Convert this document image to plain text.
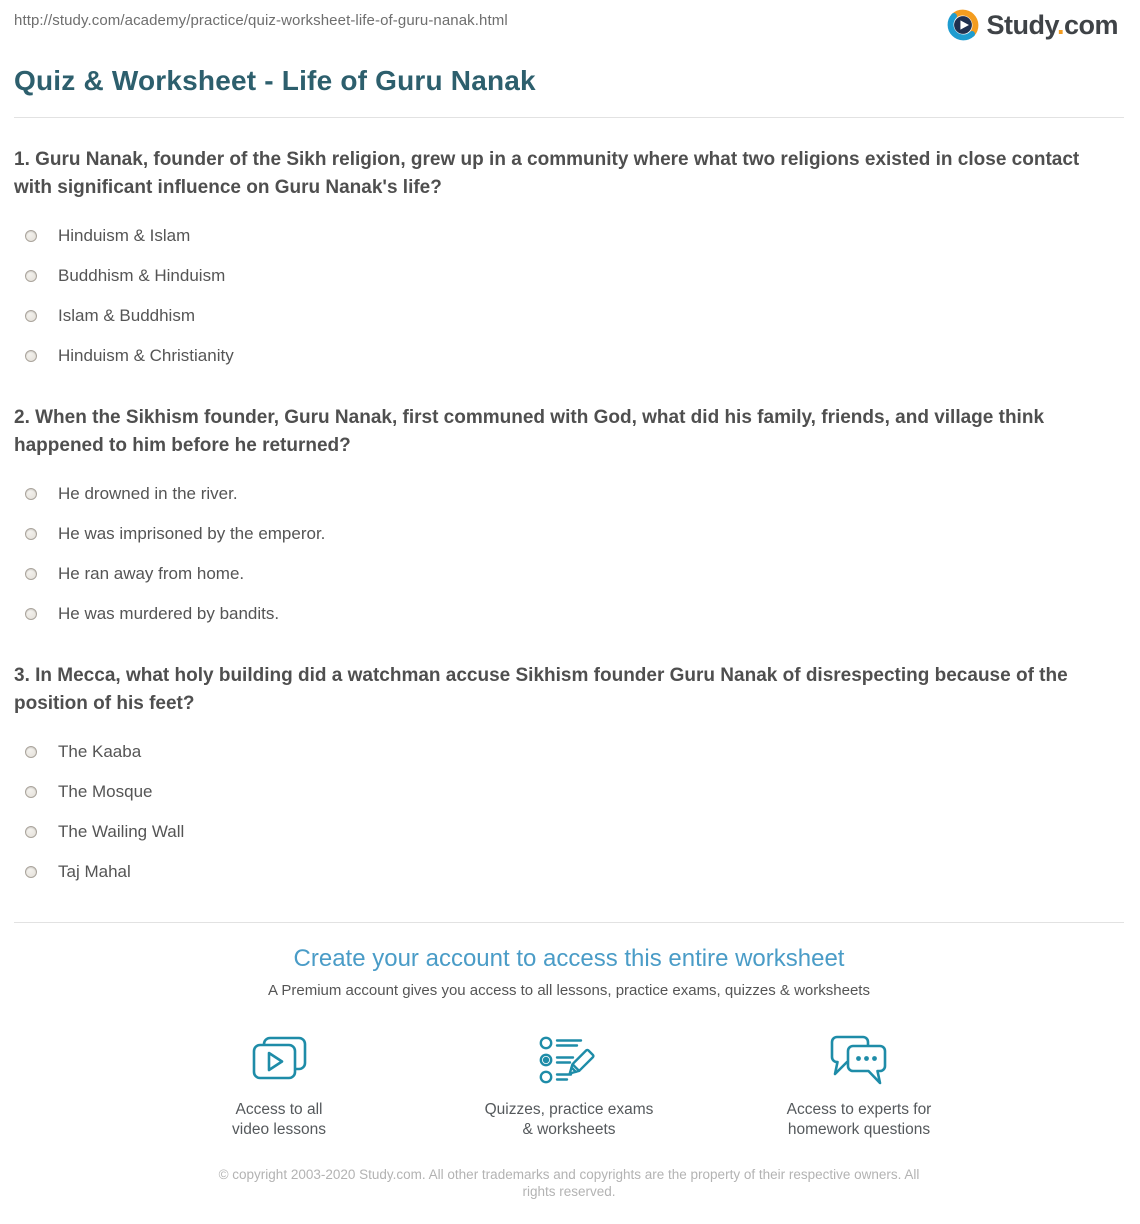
http://study.com/academy/practice/quiz-worksheet-life-of-guru-nanak.html	Study.com
Quiz & Worksheet - Life of Guru Nanak
1. Guru Nanak, founder of the Sikh religion, grew up in a community where what two religions existed in close contact with significant influence on Guru Nanak's life?
Hinduism & Islam
Buddhism & Hinduism
Islam & Buddhism
Hinduism & Christianity
2. When the Sikhism founder, Guru Nanak, first communed with God, what did his family, friends, and village think happened to him before he returned?
He drowned in the river.
He was imprisoned by the emperor.
He ran away from home.
He was murdered by bandits.
3. In Mecca, what holy building did a watchman accuse Sikhism founder Guru Nanak of disrespecting because of the position of his feet?
The Kaaba
The Mosque
The Wailing Wall
Taj Mahal
Create your account to access this entire worksheet

A Premium account gives you access to all lessons, practice exams, quizzes & worksheets

Access to all
video lessons
Quizzes, practice exams
& worksheets
Access to experts for
homework questions

© copyright 2003-2020 Study.com. All other trademarks and copyrights are the property of their respective owners. All rights reserved.
